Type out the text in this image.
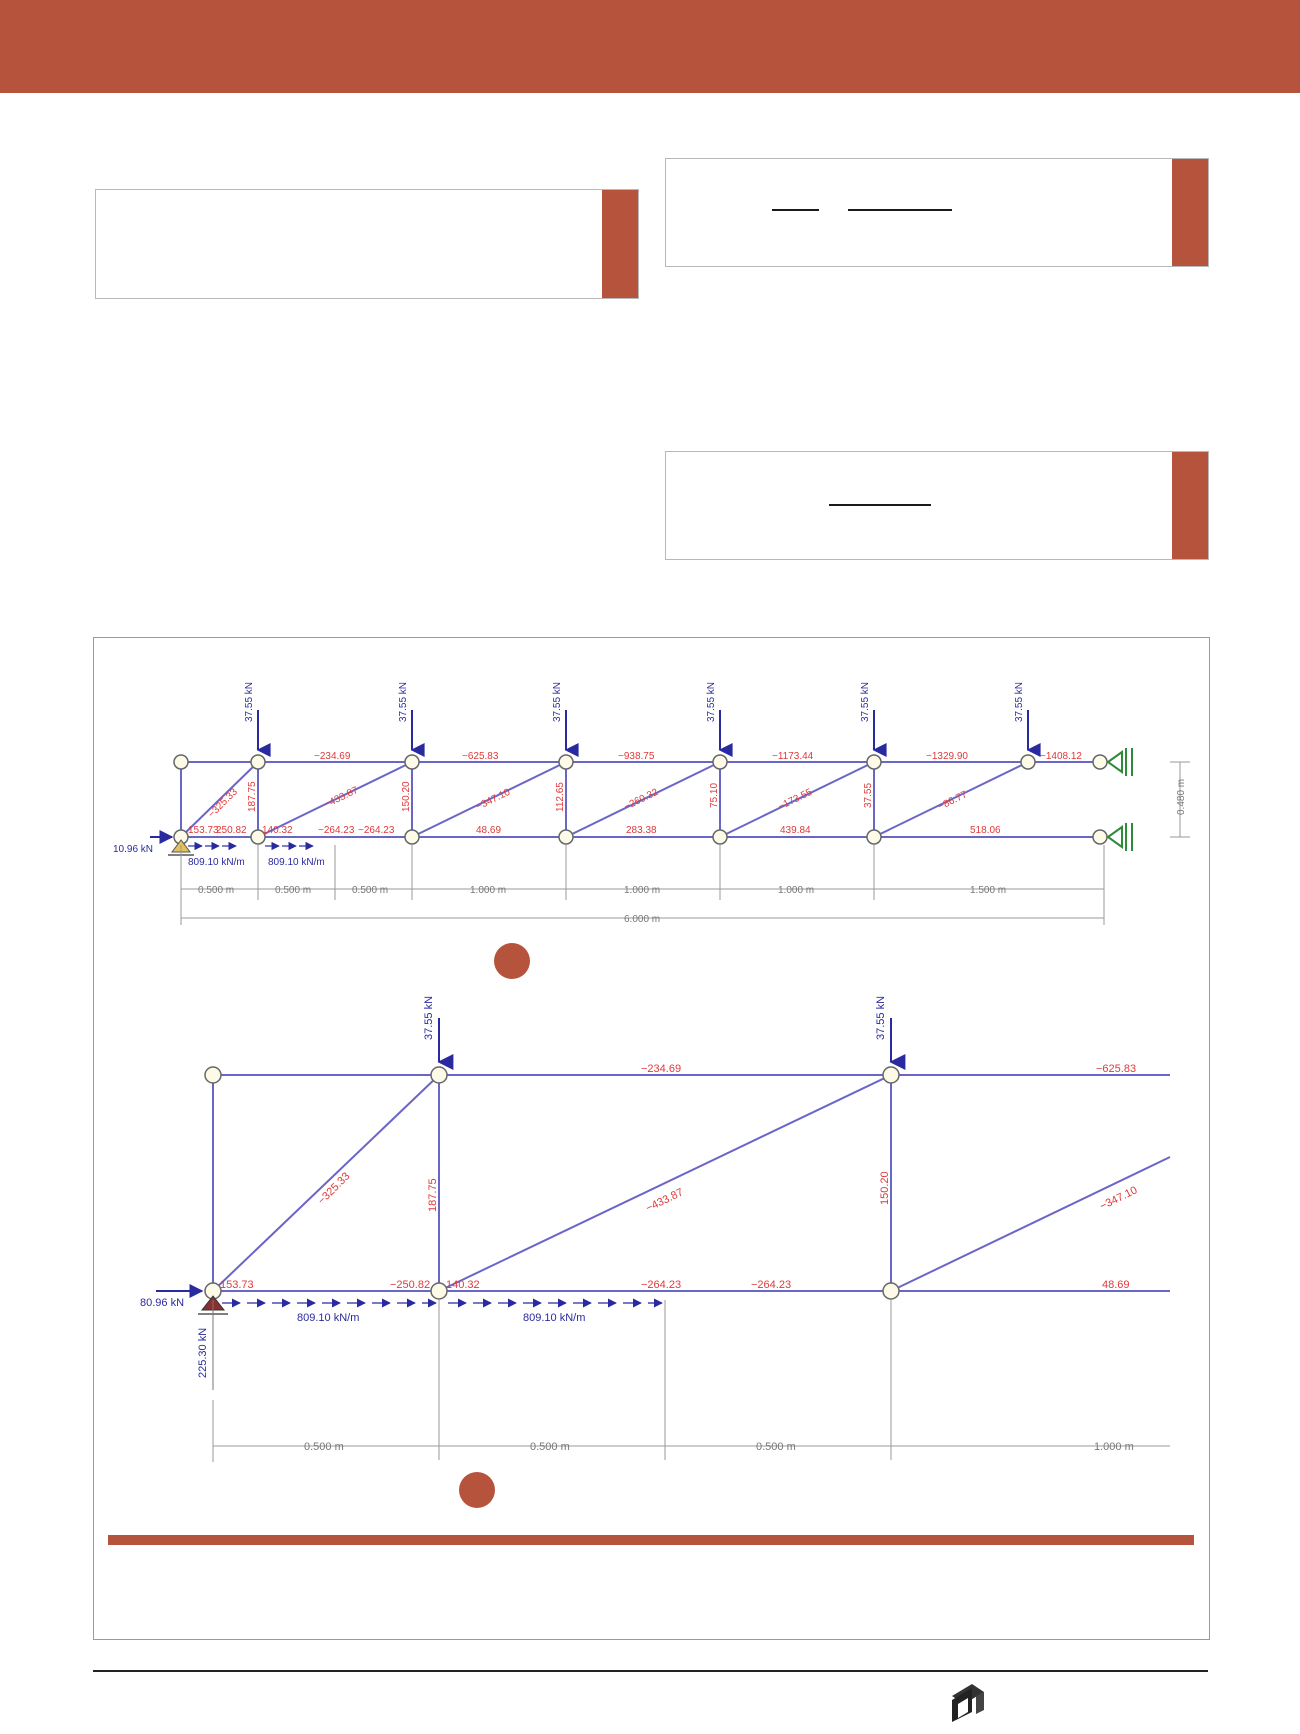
37.55 kN	37.55 kN	37.55 kN	37.55 kN	37.55 kN	37.55 kN
10.96 kN
809.10 kN/m 809.10 kN/m
−234.69	−625.83	−938.75	−1173.44	−1329.90	−1408.12
153.73
250.82 140.32	−264.23 −264.23	48.69	283.38	439.84	518.06
187.75	150.20	112.65	75.10	37.55
−325.33	−433.87	−347.10	−260.32	−173.55	−86.77
0.500 m	0.500 m	0.500 m	1.000 m	1.000 m	1.000 m	1.500 m
6.000 m
0.480 m
37.55 kN	37.55 kN
80.96 kN
225.30 kN
809.10 kN/m	809.10 kN/m
−234.69	−625.83
−325.33	187.75	−433.87	150.20	−347.10
153.73	−250.82 140.32	−264.23	−264.23	48.69
0.500 m	0.500 m	0.500 m	1.000 m
